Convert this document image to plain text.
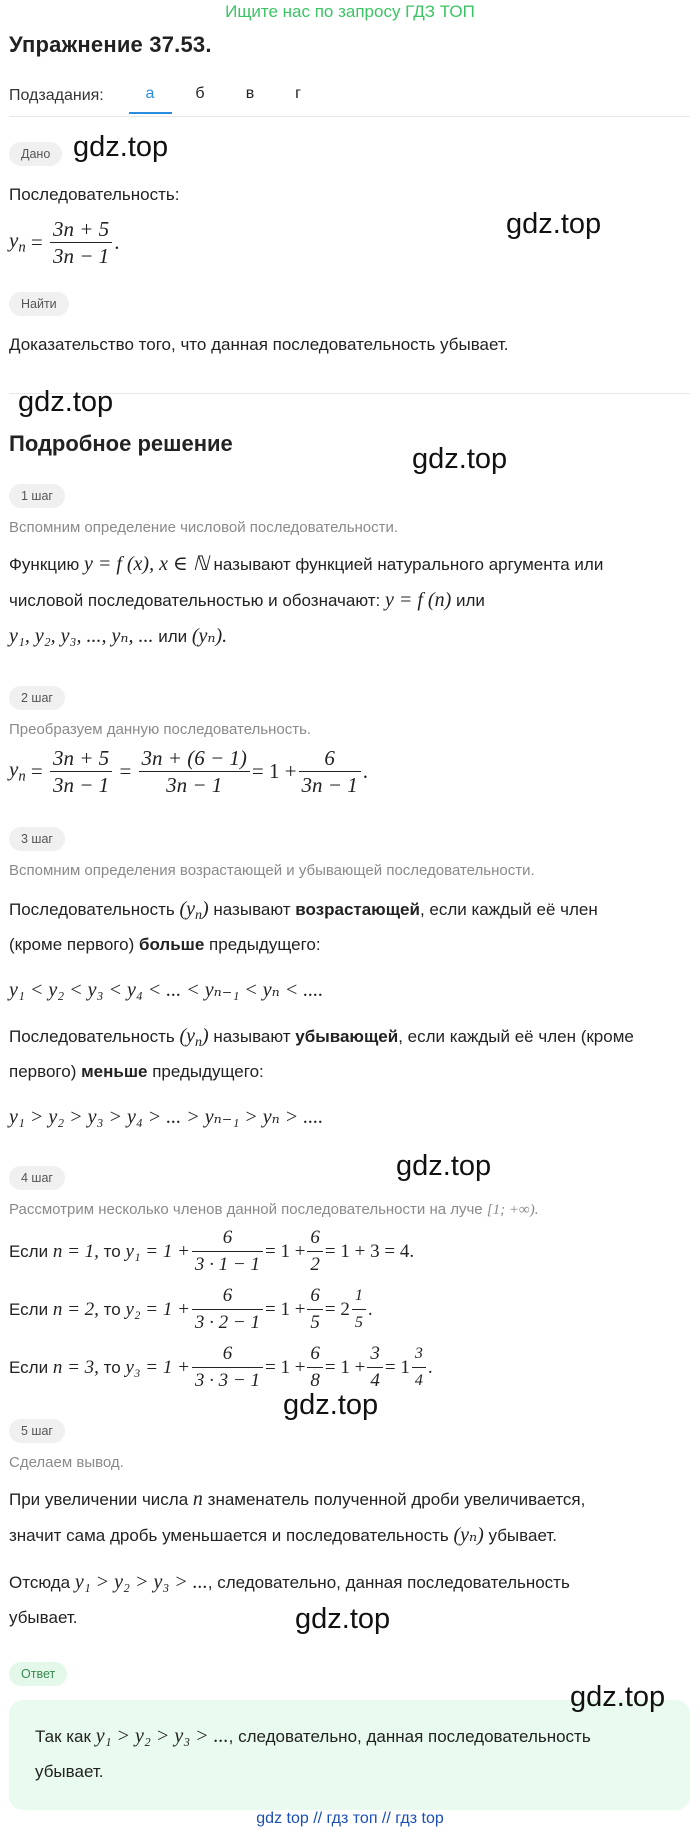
Ищите нас по запросу ГДЗ ТОП
Упражнение 37.53.
Подзадания:	а	б	в	г
Дано gdz.top
Последовательность:
$y_n = \frac{3n + 5}{3n - 1}$ .
gdz.top
Найти
Доказательство того, что данная последовательность убывает.
gdz.top
Подробное решение	gdz.top
1 шаг
Вспомним определение числовой последовательности.
Функцию y = f (x), x ∈ ℕ называют функцией натурального аргумента или
числовой последовательностью и обозначают: y = f (n) или
y₁, y₂, y₃, ..., yₙ, ... или (yₙ).
2 шаг
Преобразуем данную последовательность.
$y_n = \frac{3n + 5}{3n - 1} = \frac{3n + (6 - 1)}{3n - 1} = 1 + \frac{6}{3n - 1}$ .
3 шаг
Вспомним определения возрастающей и убывающей последовательности.
Последовательность $(y_n)$ называют возрастающей, если каждый её член
(кроме первого) больше предыдущего:
y₁ < y₂ < y₃ < y₄ < ... < yₙ₋₁ < yₙ < ....
Последовательность $(y_n)$ называют убывающей, если каждый её член (кроме
первого) меньше предыдущего:
y₁ > y₂ > y₃ > y₄ > ... > yₙ₋₁ > yₙ > ....
gdz.top
4 шаг
Рассмотрим несколько членов данной последовательности на луче [1; +∞).
Если
n = 1,
то
$y_1 = 1 + \frac{6}{3 \cdot 1 - 1} = 1 + \frac{6}{2} = 1 + 3 = 4$.
Если
n = 2,
то
$y_2 = 1 + \frac{6}{3 \cdot 2 - 1} = 1 + \frac{6}{5} = 2 \frac{1}{5}$ .
Если
n = 3,
то
$y_3 = 1 + \frac{6}{3 \cdot 3 - 1} = 1 + \frac{6}{8} = 1 + \frac{3}{4} = 1 \frac{3}{4}$ .
gdz.top
5 шаг
Сделаем вывод.
При увеличении числа n знаменатель полученной дроби увеличивается,
значит сама дробь уменьшается и последовательность (yₙ) убывает.
Отсюда y₁ > y₂ > y₃ > ..., следовательно, данная последовательность
убывает.	gdz.top
Ответ
gdz.top
Так как y₁ > y₂ > y₃ > ..., следовательно, данная последовательность
убывает.
gdz top // гдз топ // гдз top
